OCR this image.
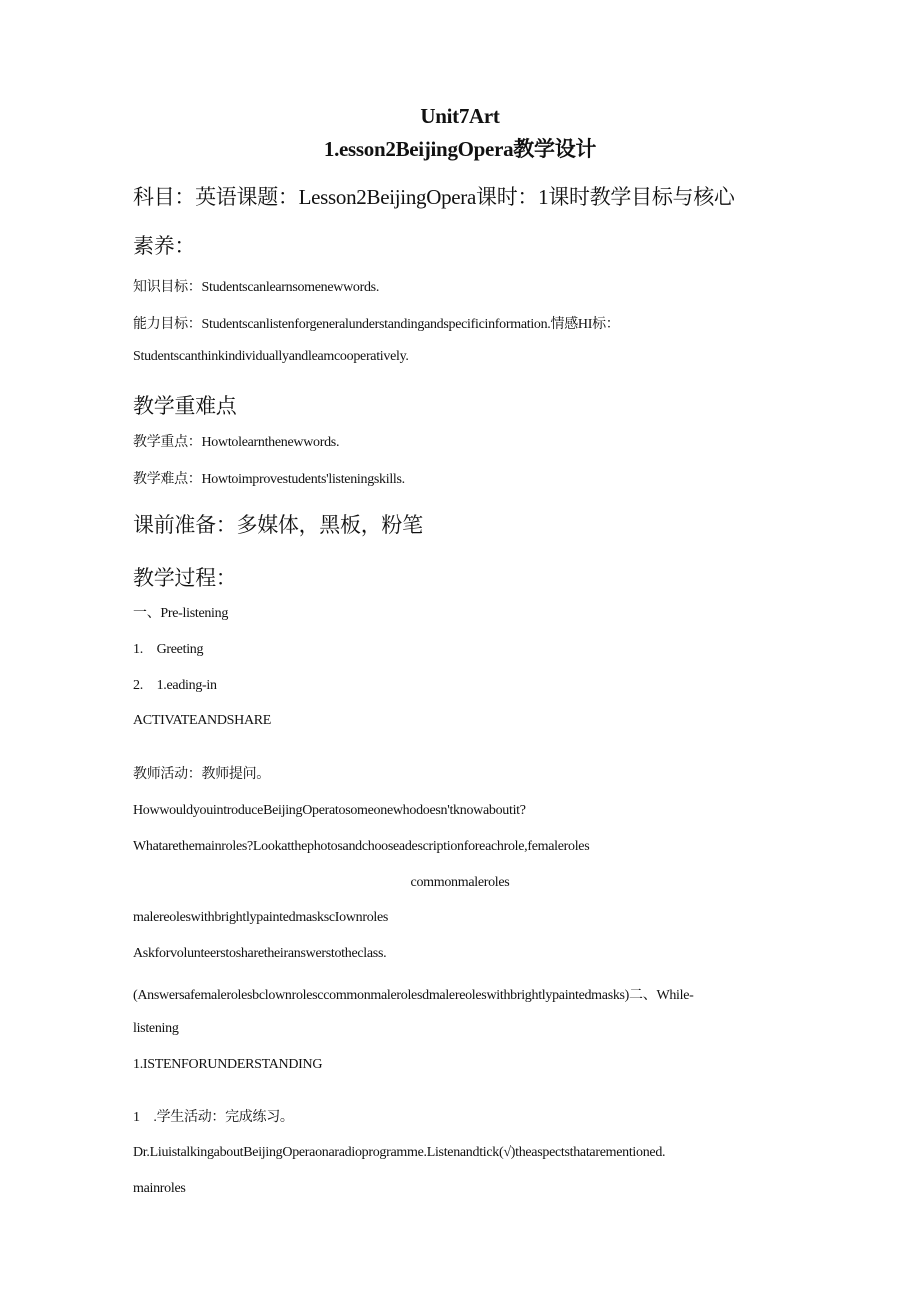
Unit7Art
1.esson2BeijingOpera教学设计
科目：英语课题：Lesson2BeijingOpera课时：1课时教学目标与核心
素养：
知识目标：Studentscanlearnsomenewwords.
能力目标：Studentscanlistenforgeneralunderstandingandspecificinformation.情感HI标：
Studentscanthinkindividuallyandleamcooperatively.
教学重难点
教学重点：Howtolearnthenewwords.
教学难点：Howtoimprovestudents'listeningskills.
课前准备：多媒体，黑板，粉笔
教学过程：
一、Pre-listening
1. Greeting
2. 1.eading-in
ACTIVATEANDSHARE
教师活动：教师提问。
HowwouldyouintroduceBeijingOperatosomeonewhodoesn'tknowaboutit?
Whatarethemainroles?Lookatthephotosandchooseadescriptionforeachrole,femaleroles
commonmaleroles
malereoleswithbrightlypaintedmaskscIownroles
Askforvolunteerstosharetheiranswerstotheclass.
(Answersafemalerolesbclownrolesccommonmalerolesdmalereoleswithbrightlypaintedmasks)二、While-
listening
1.ISTENFORUNDERSTANDING
1 .学生活动：完成练习。
Dr.LiuistalkingaboutBeijingOperaonaradioprogramme.Listenandtick(√)theaspectsthatarementioned.
mainroles
